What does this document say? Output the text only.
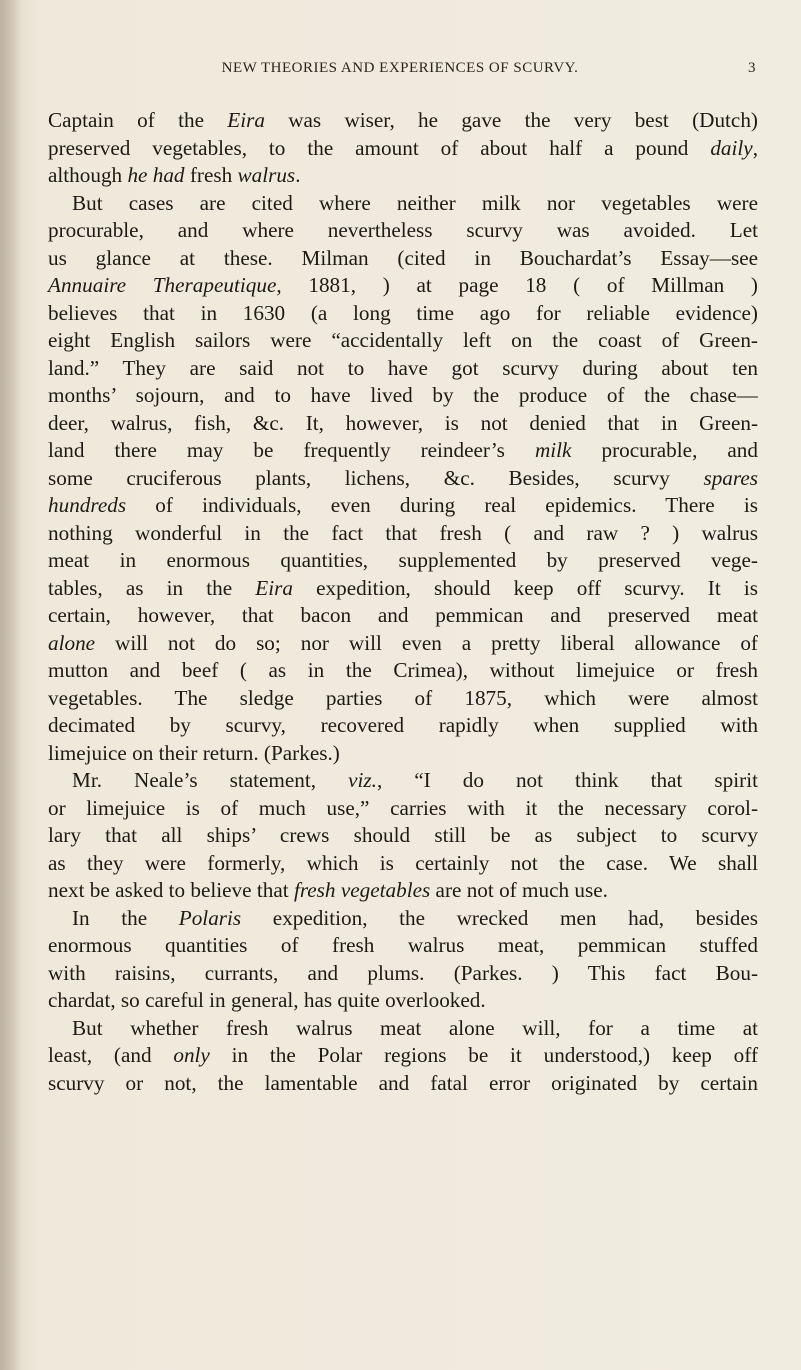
NEW THEORIES AND EXPERIENCES OF SCURVY.	3
Captain of the Eira was wiser, he gave the very best (Dutch)
preserved vegetables, to the amount of about half a pound daily,
although he had fresh walrus.
But cases are cited where neither milk nor vegetables were
procurable, and where nevertheless scurvy was avoided. Let
us glance at these. Milman (cited in Bouchardat’s Essay—see
Annuaire Therapeutique, 1881, ) at page 18 ( of Millman )
believes that in 1630 (a long time ago for reliable evidence)
eight English sailors were “accidentally left on the coast of Green-
land.” They are said not to have got scurvy during about ten
months’ sojourn, and to have lived by the produce of the chase—
deer, walrus, fish, &c. It, however, is not denied that in Green-
land there may be frequently reindeer’s milk procurable, and
some cruciferous plants, lichens, &c. Besides, scurvy spares
hundreds of individuals, even during real epidemics. There is
nothing wonderful in the fact that fresh ( and raw ? ) walrus
meat in enormous quantities, supplemented by preserved vege-
tables, as in the Eira expedition, should keep off scurvy. It is
certain, however, that bacon and pemmican and preserved meat
alone will not do so; nor will even a pretty liberal allowance of
mutton and beef ( as in the Crimea), without limejuice or fresh
vegetables. The sledge parties of 1875, which were almost
decimated by scurvy, recovered rapidly when supplied with
limejuice on their return. (Parkes.)
Mr. Neale’s statement, viz., “I do not think that spirit
or limejuice is of much use,” carries with it the necessary corol-
lary that all ships’ crews should still be as subject to scurvy
as they were formerly, which is certainly not the case. We shall
next be asked to believe that fresh vegetables are not of much use.
In the Polaris expedition, the wrecked men had, besides
enormous quantities of fresh walrus meat, pemmican stuffed
with raisins, currants, and plums. (Parkes. ) This fact Bou-
chardat, so careful in general, has quite overlooked.
But whether fresh walrus meat alone will, for a time at
least, (and only in the Polar regions be it understood,) keep off
scurvy or not, the lamentable and fatal error originated by certain
